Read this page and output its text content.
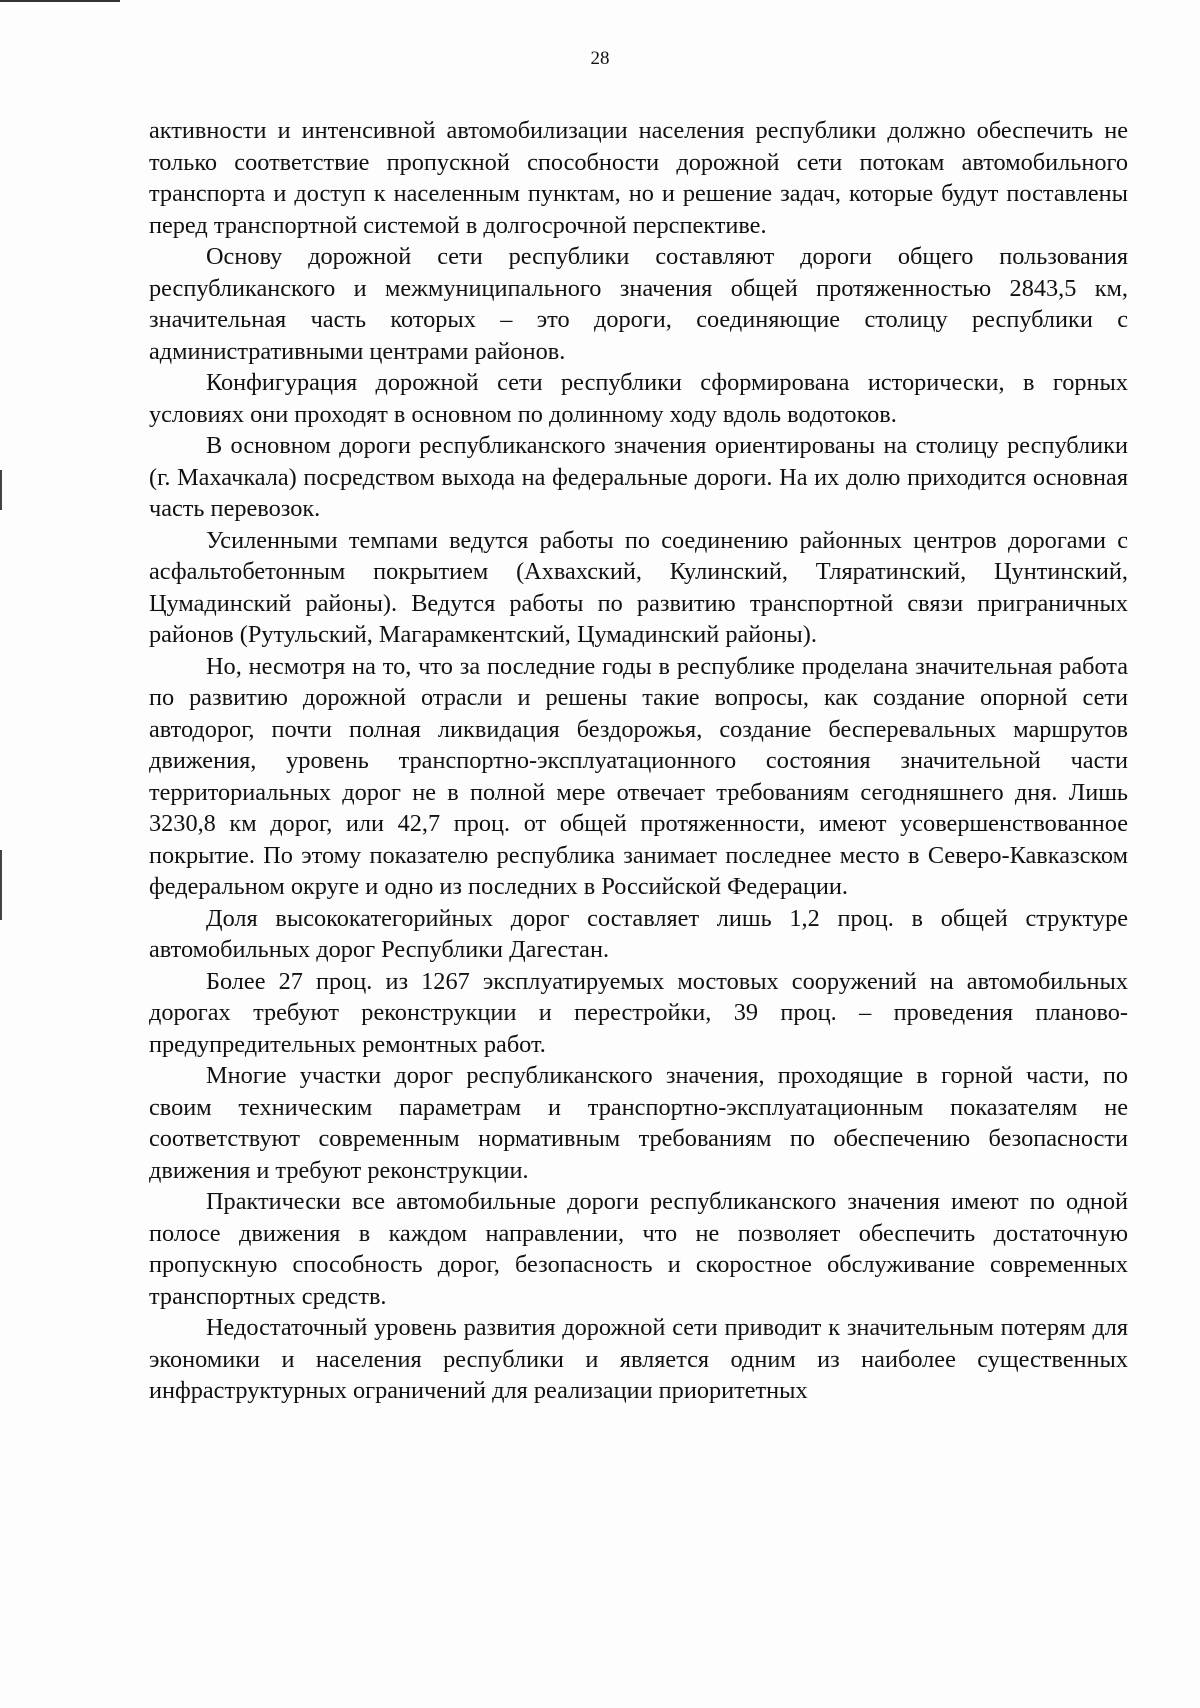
28

активности и интенсивной автомобилизации населения республики должно обеспечить не только соответствие пропускной способности дорожной сети потокам автомобильного транспорта и доступ к населенным пунктам, но и решение задач, которые будут поставлены перед транспортной системой в долгосрочной перспективе.

Основу дорожной сети республики составляют дороги общего пользования республиканского и межмуниципального значения общей протяженностью 2843,5 км, значительная часть которых – это дороги, соединяющие столицу республики с административными центрами районов.

Конфигурация дорожной сети республики сформирована исторически, в горных условиях они проходят в основном по долинному ходу вдоль водотоков.

В основном дороги республиканского значения ориентированы на столицу республики (г. Махачкала) посредством выхода на федеральные дороги. На их долю приходится основная часть перевозок.

Усиленными темпами ведутся работы по соединению районных центров дорогами с асфальтобетонным покрытием (Ахвахский, Кулинский, Тляратинский, Цунтинский, Цумадинский районы). Ведутся работы по развитию транспортной связи приграничных районов (Рутульский, Магарамкентский, Цумадинский районы).

Но, несмотря на то, что за последние годы в республике проделана значительная работа по развитию дорожной отрасли и решены такие вопросы, как создание опорной сети автодорог, почти полная ликвидация бездорожья, создание бесперевальных маршрутов движения, уровень транспортно-эксплуатационного состояния значительной части территориальных дорог не в полной мере отвечает требованиям сегодняшнего дня. Лишь 3230,8 км дорог, или 42,7 проц. от общей протяженности, имеют усовершенствованное покрытие. По этому показателю республика занимает последнее место в Северо-Кавказском федеральном округе и одно из последних в Российской Федерации.

Доля высококатегорийных дорог составляет лишь 1,2 проц. в общей структуре автомобильных дорог Республики Дагестан.

Более 27 проц. из 1267 эксплуатируемых мостовых сооружений на автомобильных дорогах требуют реконструкции и перестройки, 39 проц. – проведения планово-предупредительных ремонтных работ.

Многие участки дорог республиканского значения, проходящие в горной части, по своим техническим параметрам и транспортно-эксплуатационным показателям не соответствуют современным нормативным требованиям по обеспечению безопасности движения и требуют реконструкции.

Практически все автомобильные дороги республиканского значения имеют по одной полосе движения в каждом направлении, что не позволяет обеспечить достаточную пропускную способность дорог, безопасность и скоростное обслуживание современных транспортных средств.

Недостаточный уровень развития дорожной сети приводит к значительным потерям для экономики и населения республики и является одним из наиболее существенных инфраструктурных ограничений для реализации приоритетных
